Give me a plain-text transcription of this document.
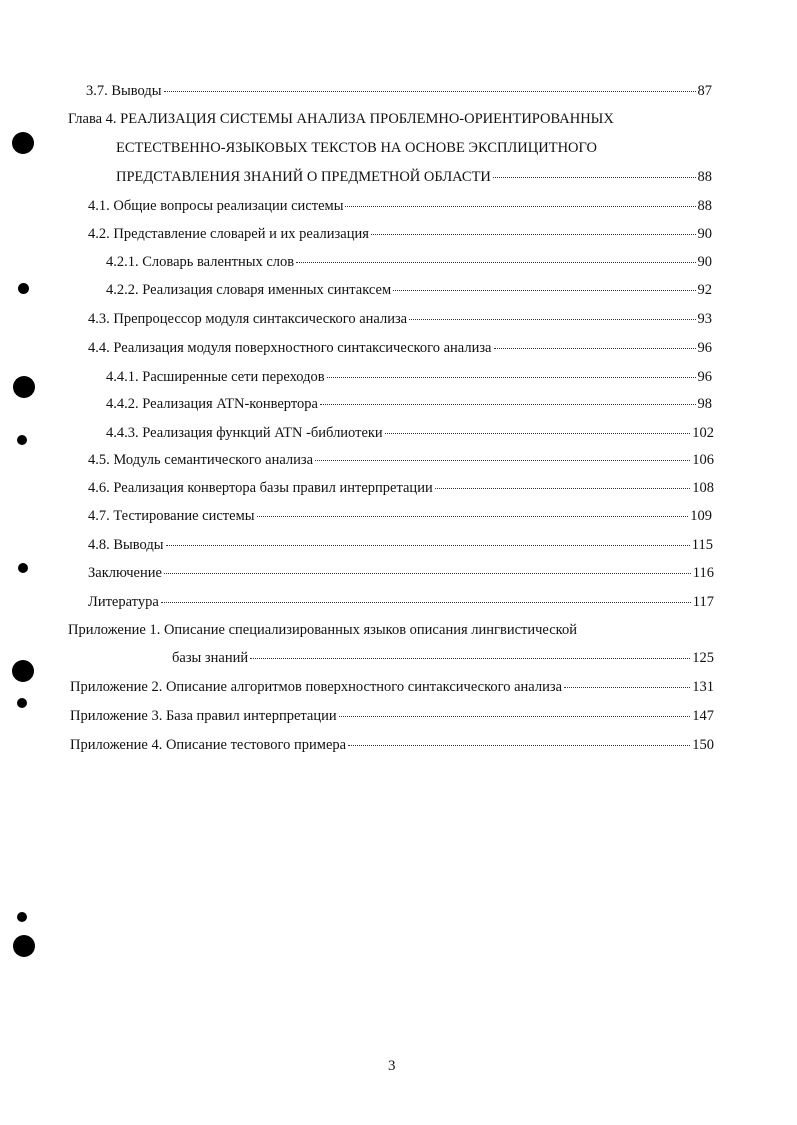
3.7. Выводы	87
Глава 4. РЕАЛИЗАЦИЯ СИСТЕМЫ АНАЛИЗА ПРОБЛЕМНО-ОРИЕНТИРОВАННЫХ
ЕСТЕСТВЕННО-ЯЗЫКОВЫХ ТЕКСТОВ НА ОСНОВЕ ЭКСПЛИЦИТНОГО
ПРЕДСТАВЛЕНИЯ ЗНАНИЙ О ПРЕДМЕТНОЙ ОБЛАСТИ	88
4.1. Общие вопросы реализации системы	88
4.2. Представление словарей и их реализация	90
4.2.1. Словарь валентных слов	90
4.2.2. Реализация словаря именных синтаксем	92
4.3. Препроцессор модуля синтаксического анализа	93
4.4. Реализация модуля поверхностного синтаксического анализа	96
4.4.1. Расширенные сети переходов	96
4.4.2. Реализация ATN-конвертора	98
4.4.3. Реализация функций ATN -библиотеки	102
4.5. Модуль семантического анализа	106
4.6. Реализация конвертора базы правил интерпретации	108
4.7. Тестирование системы	109
4.8. Выводы	115
Заключение	116
Литература	117
Приложение 1. Описание специализированных языков описания лингвистической
базы знаний	125
Приложение 2. Описание алгоритмов поверхностного синтаксического анализа	131
Приложение 3. База правил интерпретации	147
Приложение 4. Описание тестового примера	150
3
